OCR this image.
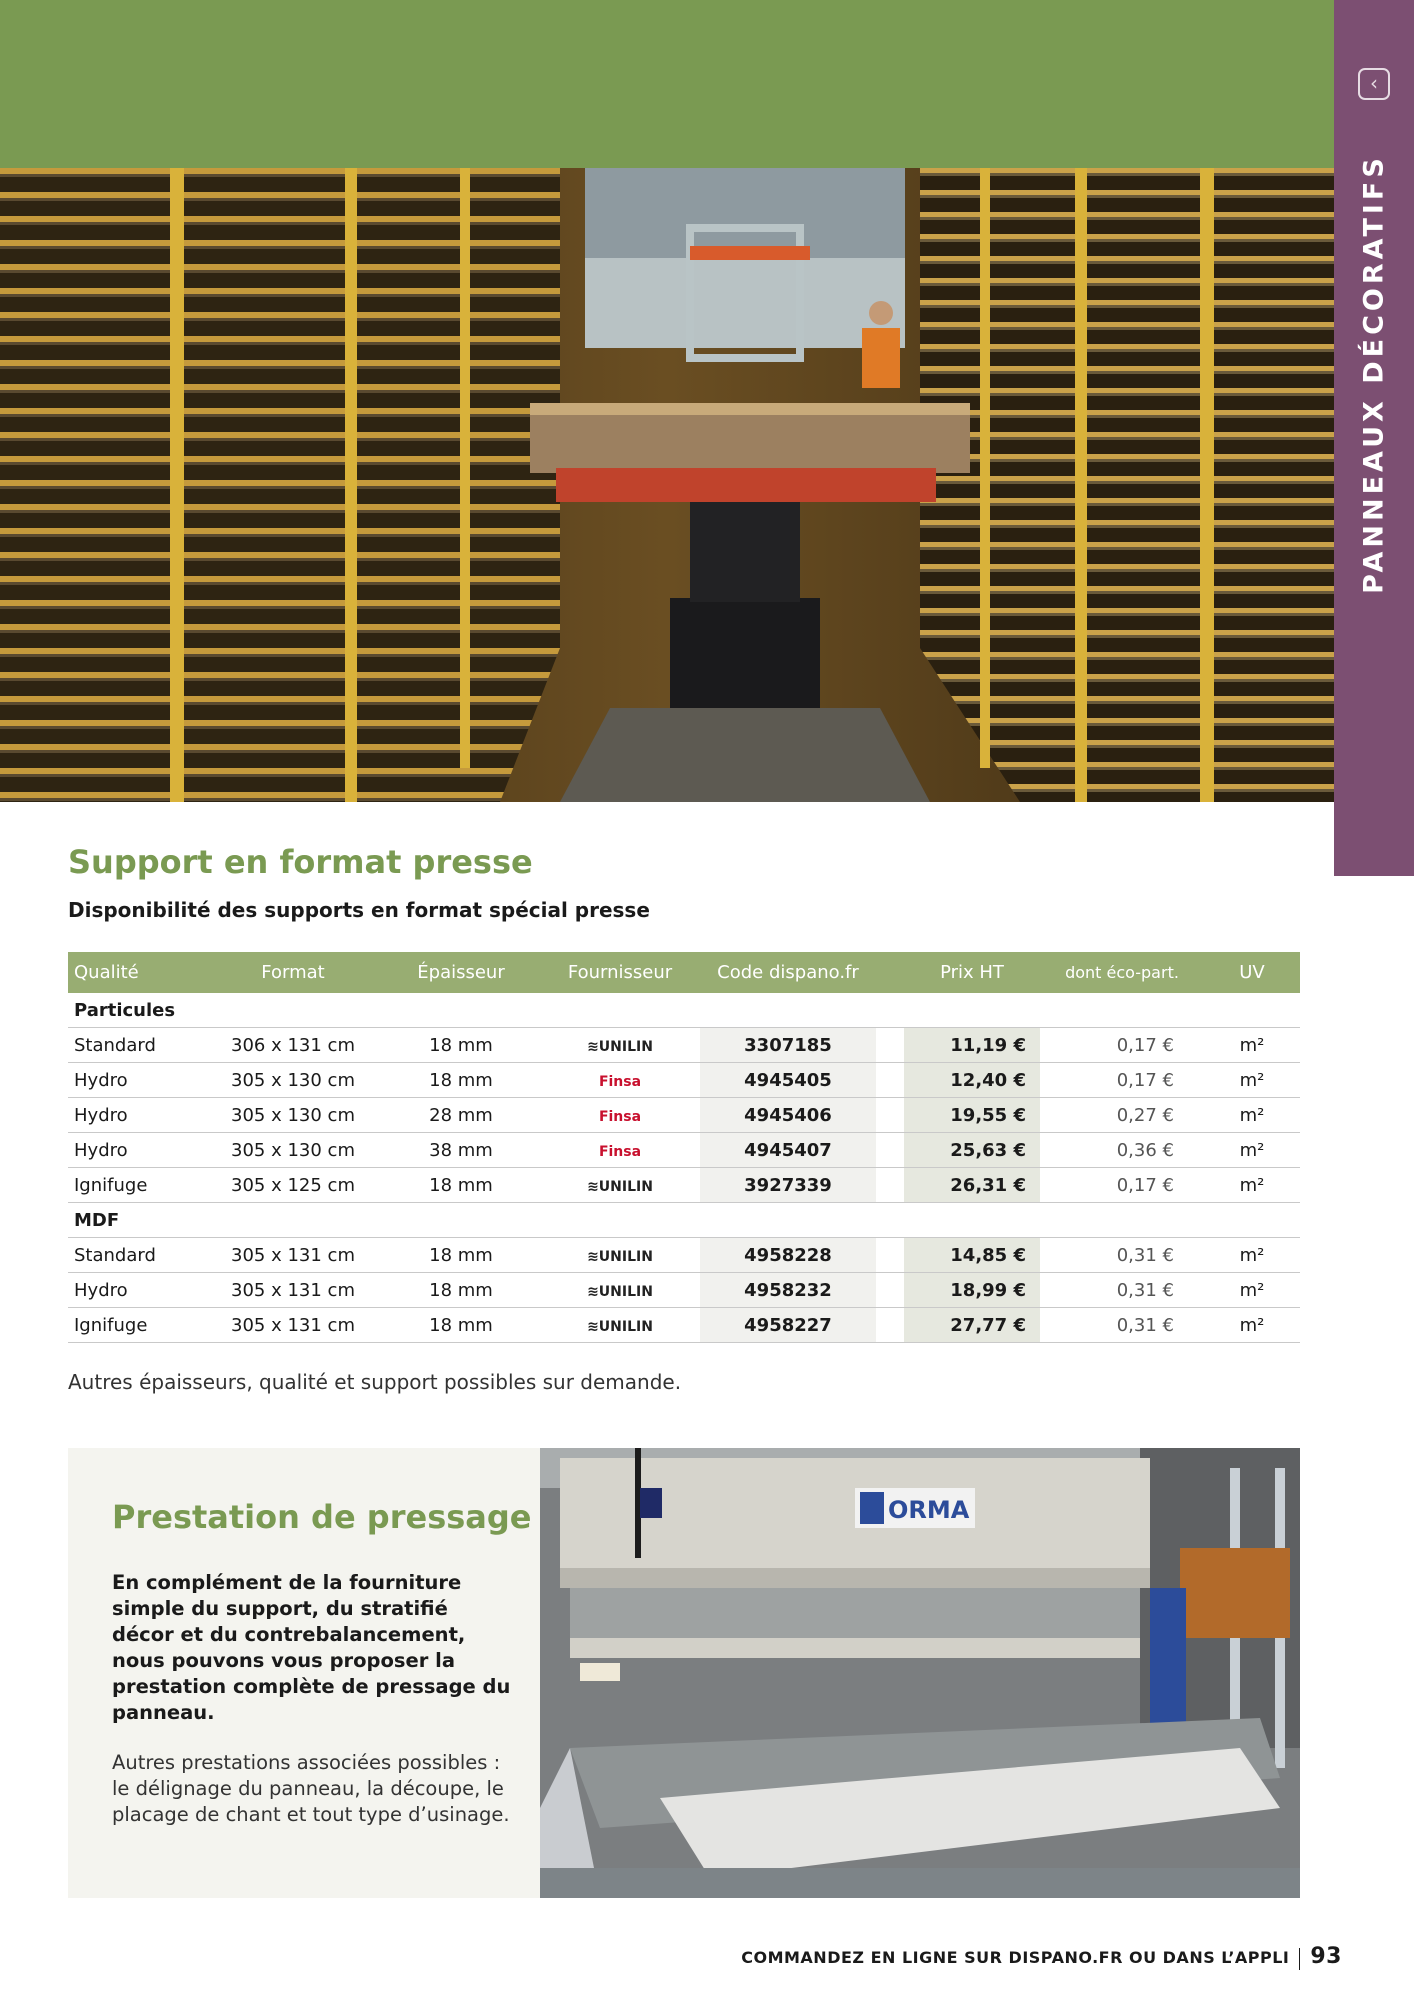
‹
PANNEAUX DÉCORATIFS
Support en format presse
Disponibilité des supports en format spécial presse
Qualité	Format	Épaisseur	Fournisseur	Code dispano.fr		Prix HT	dont éco-part.	UV
Particules								
Standard	306 x 131 cm	18 mm	≋UNILIN	3307185		11,19 €	0,17 €	m²
Hydro	305 x 130 cm	18 mm	Finsa	4945405		12,40 €	0,17 €	m²
Hydro	305 x 130 cm	28 mm	Finsa	4945406		19,55 €	0,27 €	m²
Hydro	305 x 130 cm	38 mm	Finsa	4945407		25,63 €	0,36 €	m²
Ignifuge	305 x 125 cm	18 mm	≋UNILIN	3927339		26,31 €	0,17 €	m²
MDF								
Standard	305 x 131 cm	18 mm	≋UNILIN	4958228		14,85 €	0,31 €	m²
Hydro	305 x 131 cm	18 mm	≋UNILIN	4958232		18,99 €	0,31 €	m²
Ignifuge	305 x 131 cm	18 mm	≋UNILIN	4958227		27,77 €	0,31 €	m²
Autres épaisseurs, qualité et support possibles sur demande.
Prestation de pressage

En complément de la fourniture simple du support, du stratifié décor et du contrebalancement, nous pouvons vous proposer la prestation complète de pressage du panneau.

Autres prestations associées possibles : le délignage du panneau, la découpe, le placage de chant et tout type d’usinage.

ORMA
COMMANDEZ EN LIGNE SUR DISPANO.FR OU DANS L’APPLI 93
